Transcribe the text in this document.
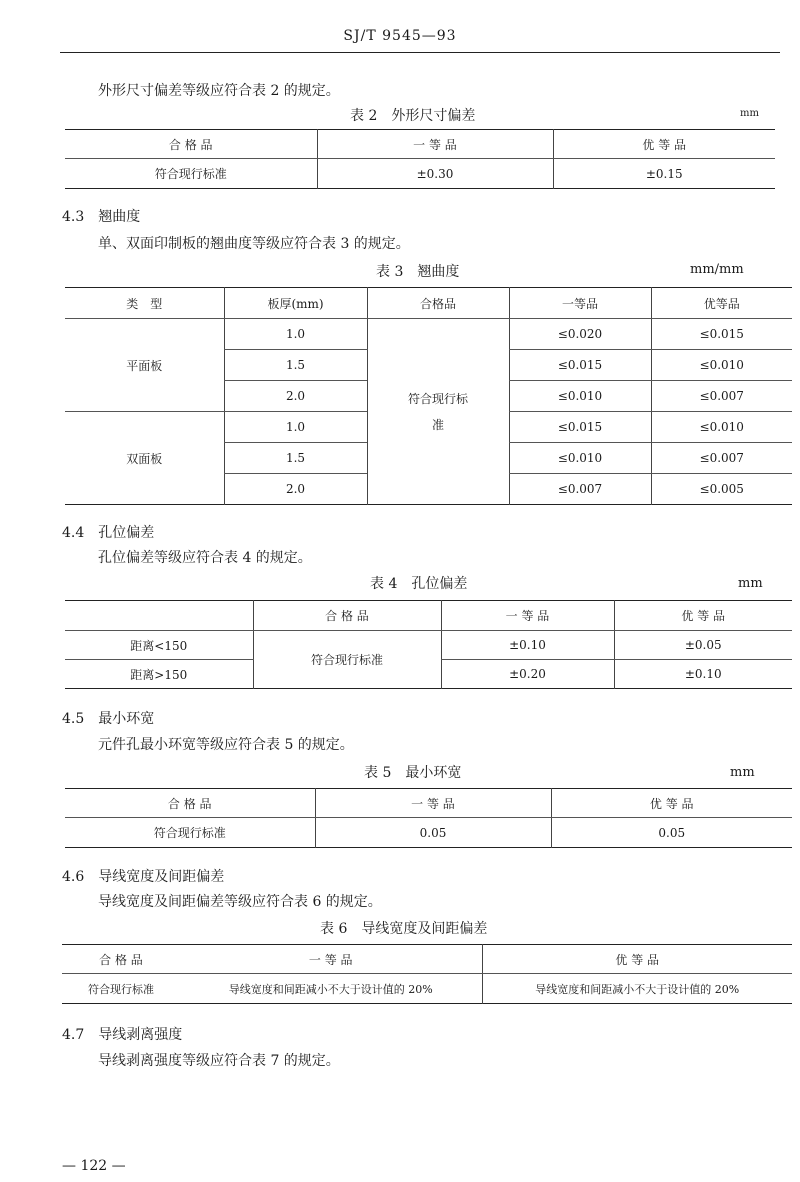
SJ/T 9545—93
外形尺寸偏差等级应符合表 2 的规定。
表 2　外形尺寸偏差	mm
合 格 品	一 等 品	优 等 品
符合现行标准	±0.30	±0.15
4.3　翘曲度
单、双面印制板的翘曲度等级应符合表 3 的规定。
表 3　翘曲度	mm/mm
类　型	板厚(mm)	合格品	一等品	优等品
平面板	1.0	符合现行标　准	≤0.020	≤0.015
	1.5		≤0.015	≤0.010
	2.0		≤0.010	≤0.007
双面板	1.0		≤0.015	≤0.010
	1.5		≤0.010	≤0.007
	2.0		≤0.007	≤0.005
4.4　孔位偏差
孔位偏差等级应符合表 4 的规定。
表 4　孔位偏差	mm
	合 格 品	一 等 品	优 等 品
距离<150	符合现行标准	±0.10	±0.05
距离>150		±0.20	±0.10
4.5　最小环宽
元件孔最小环宽等级应符合表 5 的规定。
表 5　最小环宽	mm
合 格 品	一 等 品	优 等 品
符合现行标准	0.05	0.05
4.6　导线宽度及间距偏差
导线宽度及间距偏差等级应符合表 6 的规定。
表 6　导线宽度及间距偏差
合 格 品	一 等 品	优 等 品
符合现行标准	导线宽度和间距减小不大于设计值的 20%	导线宽度和间距减小不大于设计值的 20%
4.7　导线剥离强度
导线剥离强度等级应符合表 7 的规定。
— 122 —
